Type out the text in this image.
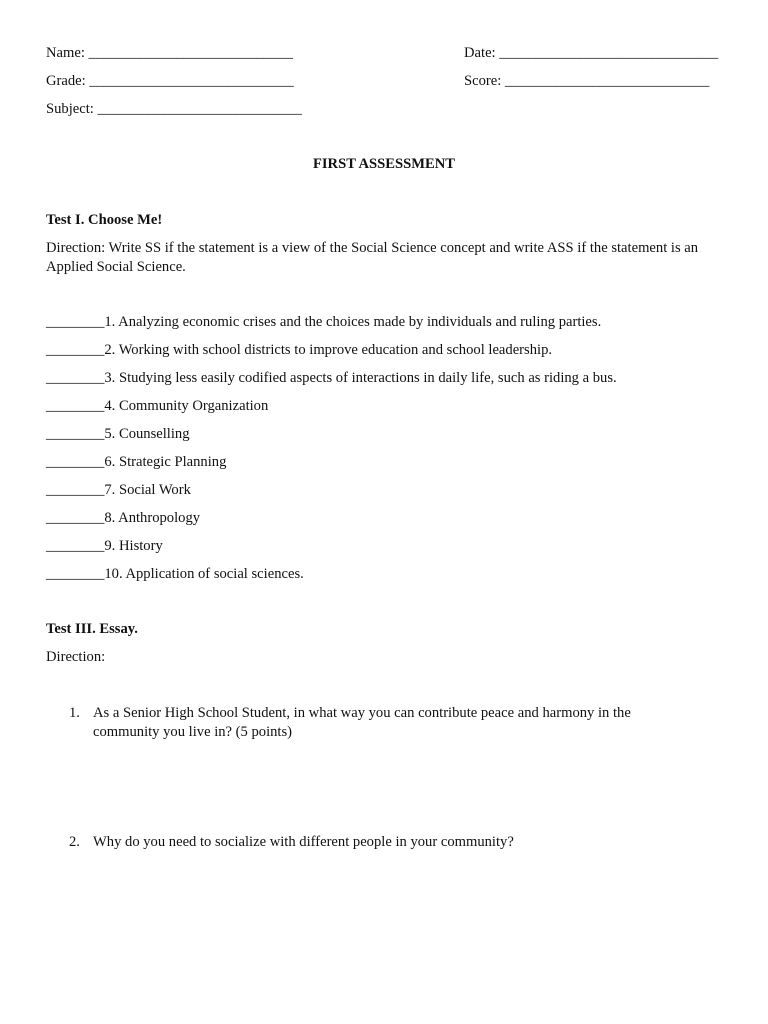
Name: ____________________________	Date: ______________________________
Grade: ____________________________	Score: ____________________________
Subject: ____________________________
FIRST ASSESSMENT
Test I. Choose Me!
Direction: Write SS if the statement is a view of the Social Science concept and write ASS if the statement is an Applied Social Science.
________1. Analyzing economic crises and the choices made by individuals and ruling parties.
________2. Working with school districts to improve education and school leadership.
________3. Studying less easily codified aspects of interactions in daily life, such as riding a bus.
________4. Community Organization
________5. Counselling
________6. Strategic Planning
________7. Social Work
________8. Anthropology
________9. History
________10. Application of social sciences.
Test III. Essay.
Direction:
1. As a Senior High School Student, in what way you can contribute peace and harmony in the community you live in? (5 points)
2. Why do you need to socialize with different people in your community?
